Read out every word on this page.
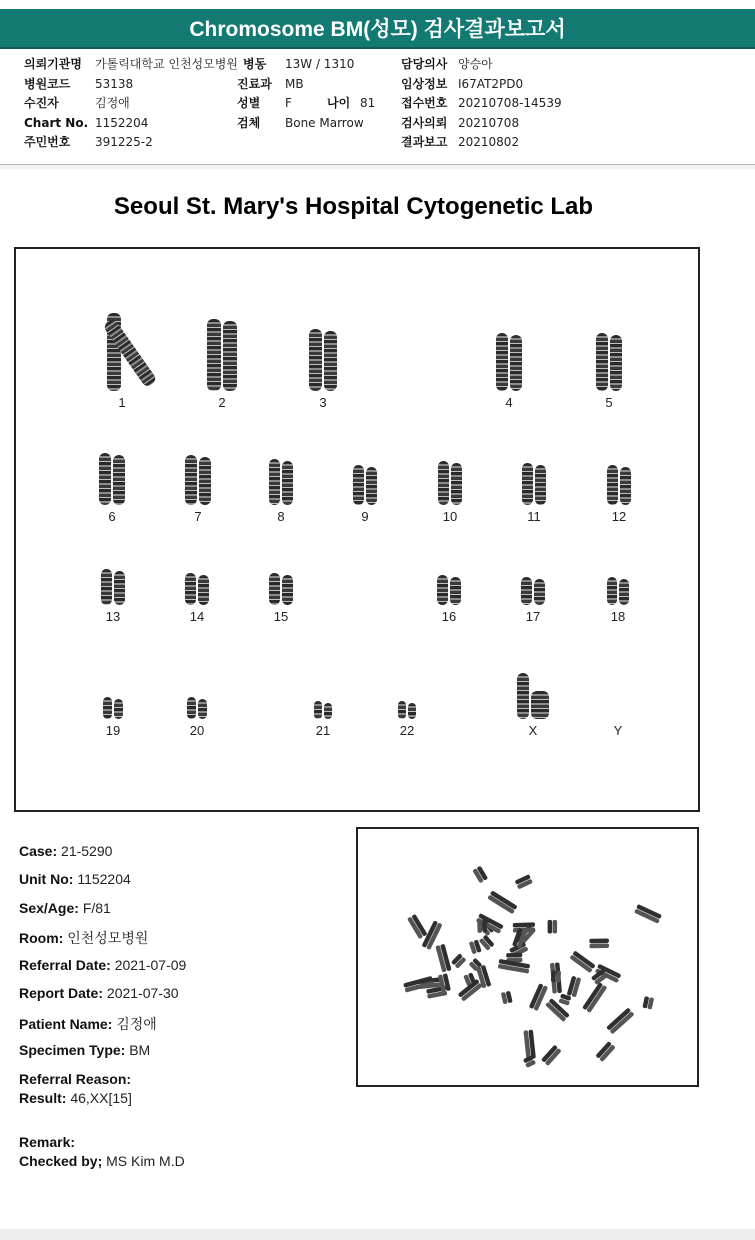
Chromosome BM(성모) 검사결과보고서
의뢰기관명 가톨릭대학교 인천성모병원 병동 13W / 1310	담당의사 양승아
병원코드 53138	진료과 MB	임상정보 I67AT2PD0
수진자	김정애	성별 F	나이 81 접수번호 20210708-14539
Chart No. 1152204	검체 Bone Marrow	검사의뢰 20210708
주민번호 391225-2	결과보고 20210802
Seoul St. Mary's Hospital Cytogenetic Lab
1	2	3	4	5
6	7	8	9	10	11	12
13	14	15	16	17	18
19	20	21	22	X	Y
Case: 21-5290
Unit No: 1152204
Sex/Age: F/81
Room: 인천성모병원
Referral Date: 2021-07-09
Report Date: 2021-07-30
Patient Name: 김정애
Specimen Type: BM
Referral Reason:
Result: 46,XX[15]
Remark:
Checked by; MS Kim M.D
